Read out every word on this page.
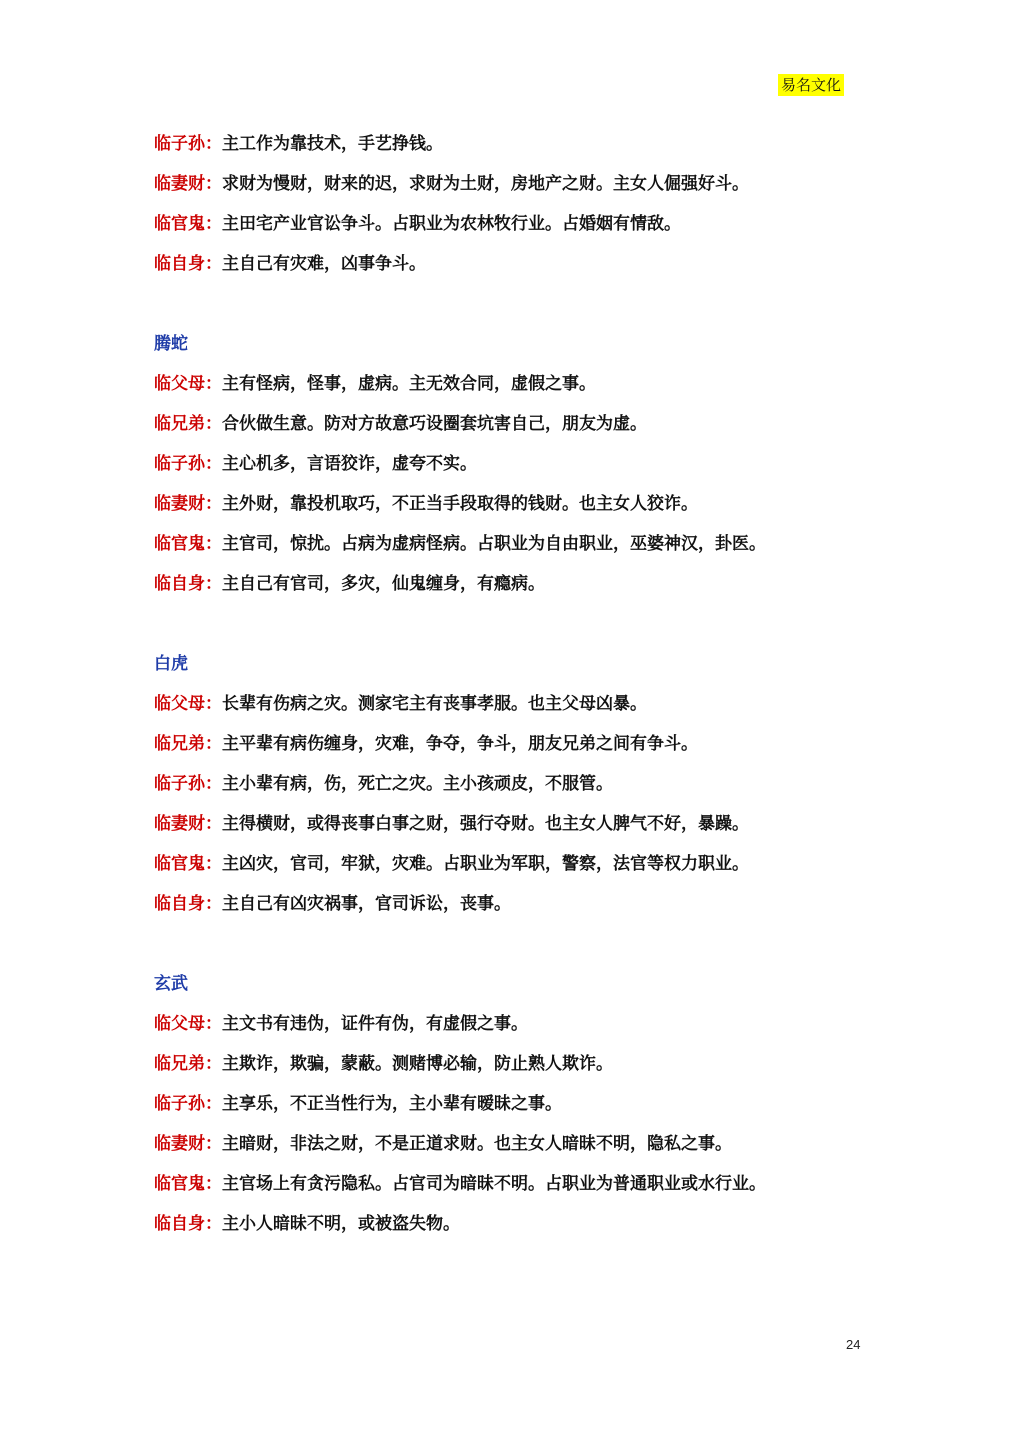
易名文化
临子孙：主工作为靠技术，手艺挣钱。
临妻财：求财为慢财，财来的迟，求财为土财，房地产之财。主女人倔强好斗。
临官鬼：主田宅产业官讼争斗。占职业为农林牧行业。占婚姻有情敌。
临自身：主自己有灾难，凶事争斗。
腾蛇
临父母：主有怪病，怪事，虚病。主无效合同，虚假之事。
临兄弟：合伙做生意。防对方故意巧设圈套坑害自己，朋友为虚。
临子孙：主心机多，言语狡诈，虚夸不实。
临妻财：主外财，靠投机取巧，不正当手段取得的钱财。也主女人狡诈。
临官鬼：主官司，惊扰。占病为虚病怪病。占职业为自由职业，巫婆神汉，卦医。
临自身：主自己有官司，多灾，仙鬼缠身，有瘾病。
白虎
临父母：长辈有伤病之灾。测家宅主有丧事孝服。也主父母凶暴。
临兄弟：主平辈有病伤缠身，灾难，争夺，争斗，朋友兄弟之间有争斗。
临子孙：主小辈有病，伤，死亡之灾。主小孩顽皮，不服管。
临妻财：主得横财，或得丧事白事之财，强行夺财。也主女人脾气不好，暴躁。
临官鬼：主凶灾，官司，牢狱，灾难。占职业为军职，警察，法官等权力职业。
临自身：主自己有凶灾祸事，官司诉讼，丧事。
玄武
临父母：主文书有违伪，证件有伪，有虚假之事。
临兄弟：主欺诈，欺骗，蒙蔽。测赌博必输，防止熟人欺诈。
临子孙：主享乐，不正当性行为，主小辈有暧昧之事。
临妻财：主暗财，非法之财，不是正道求财。也主女人暗昧不明，隐私之事。
临官鬼：主官场上有贪污隐私。占官司为暗昧不明。占职业为普通职业或水行业。
临自身：主小人暗昧不明，或被盗失物。
24
